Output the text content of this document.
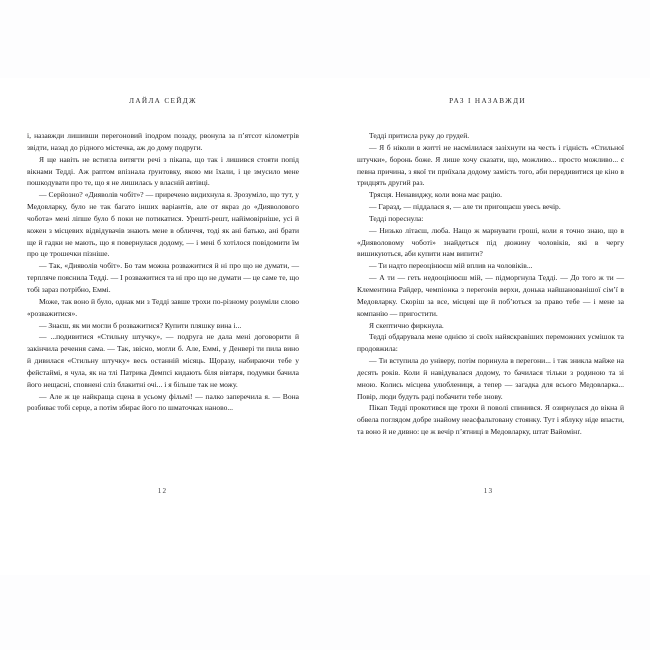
ЛАЙЛА СЕЙДЖ

і, назавжди лишивши перегоновий іподром позаду, рвонула за п’ятсот кілометрів звідти, назад до рідного містечка, аж до дому подруги.

Я ще навіть не встигла витягти речі з пікапа, що так і лишився стояти попід вікнами Тедді. Аж раптом впізнала ґрунтовку, якою ми їхали, і це змусило мене пошкодувати про те, що я не лишилась у власній автівці.

— Серйозно? «Дияволів чобіт»? — приречено видихнула я. Зрозуміло, що тут, у Медовларку, було не так багато інших варіантів, але от якраз до «Дияволового чобота» мені ліпше було б поки не потикатися. Урешті-решт, найімовірніше, усі й кожен з місцевих відвідувачів знають мене в обличчя, тоді як ані батько, ані брати ще й гадки не мають, що я повернулася додому, — і мені б хотілося повідомити їм про це трошечки пізніше.

— Так, «Дияволів чобіт». Бо там можна розважитися й ні про що не думати, — терпляче пояснила Тедді. — І розважитися та ні про що не думати — це саме те, що тобі зараз потрібно, Еммі.

Може, так воно й було, однак ми з Тедді завше трохи по-різному розуміли слово «розважитися».

— Знаєш, як ми могли б розважитися? Купити пляшку вина і...

— ...подивитися «Стильну штучку», — подруга не дала мені договорити й закінчила речення сама. — Так, звісно, могли б. Але, Еммі, у Денвері ти пила вино й дивилася «Стильну штучку» весь останній місяць. Щоразу, набираючи тебе у фейстаймі, я чула, як на тлі Патрика Демпсі кидають біля вівтаря, подумки бачила його нещасні, сповнені сліз блакитні очі... і я більше так не можу.

— Але ж це найкраща сцена в усьому фільмі! — палко заперечила я. — Вона розбиває тобі серце, а потім збирає його по шматочках наново...

12
РАЗ І НАЗАВЖДИ

Тедді притисла руку до грудей.

— Я б ніколи в житті не насмілилася зазіхнути на честь і гідність «Стильної штучки», боронь боже. Я лише хочу сказати, що, можливо... просто можливо... є певна причина, з якої ти приїхала додому замість того, аби передивитися це кіно в тридцять другий раз.

Трясця. Ненавиджу, коли вона має рацію.

— Гаразд, — піддалася я, — але ти пригощаєш увесь вечір.

Тедді пореснула:

— Низько літаєш, люба. Нащо ж марнувати гроші, коли я точно знаю, що в «Дияволовому чоботі» знайдеться під дюжину чоловіків, які в чергу вишикуються, аби купити нам випити?

— Ти надто переоцінюєш мій вплив на чоловіків...

— А ти — геть недооцінюєш мій, — підморгнула Тедді. — До того ж ти — Клементина Райдер, чемпіонка з перегонів верхи, донька найшанованішої сім’ї в Медовларку. Скоріш за все, місцеві ще й поб’ються за право тебе — і мене за компанію — пригостити.

Я скептично фиркнула.

Тедді обдарувала мене однією зі своїх найяскравіших переможних усмішок та продовжила:

— Ти вступила до універу, потім поринула в перегони... і так зникла майже на десять років. Коли й навідувалася додому, то бачилася тільки з родиною та зі мною. Колись місцева улюблениця, а тепер — загадка для всього Медовларка... Повір, люди будуть раді побачити тебе знову.

Пікап Тедді прокотився ще трохи й поволі спинився. Я озирнулася до вікна й обвела поглядом добре знайому неасфальтовану стоянку. Тут і яблуку ніде впасти, та воно й не дивно: це ж вечір п’ятниці в Медовларку, штат Вайомінґ.

13
